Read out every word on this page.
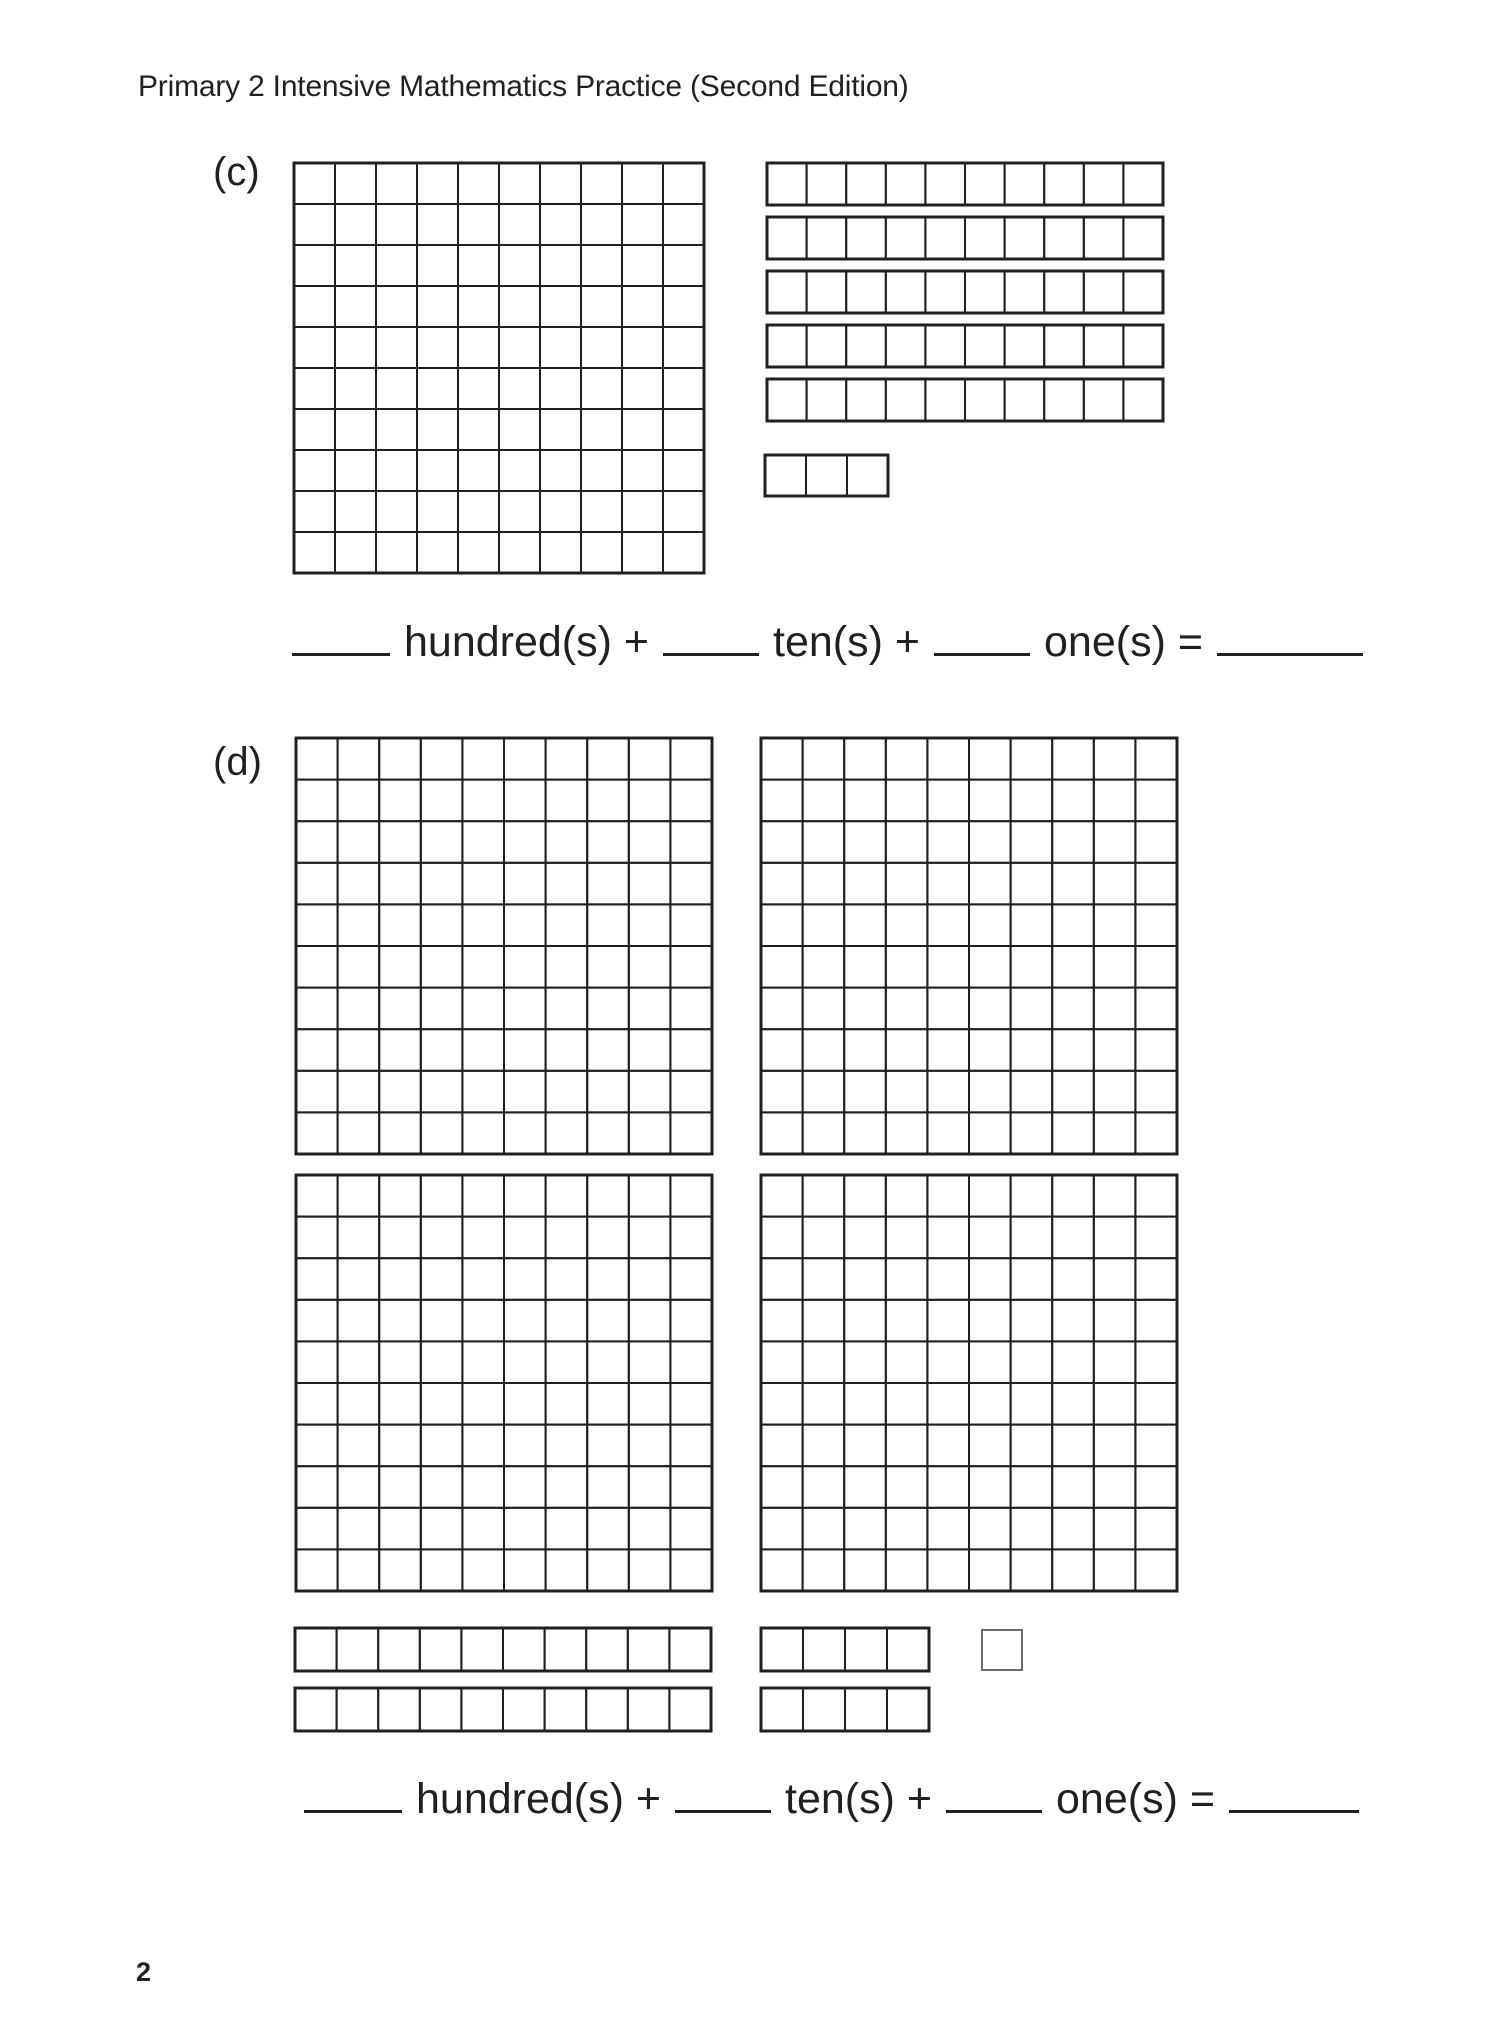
Primary 2 Intensive Mathematics Practice (Second Edition)
(c)
hundred(s) +	ten(s) +	one(s) =
(d)
hundred(s) +	ten(s) +	one(s) =
2
